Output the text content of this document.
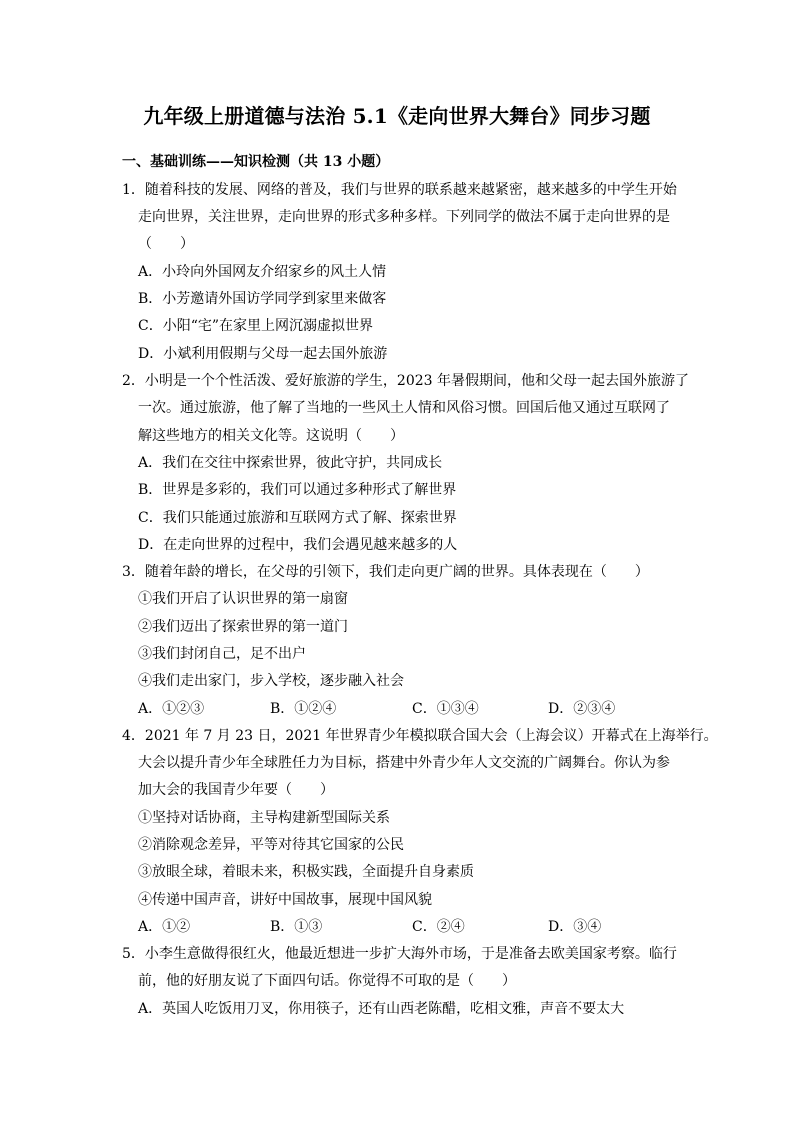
九年级上册道德与法治 5.1《走向世界大舞台》同步习题
一、基础训练——知识检测（共 13 小题）
1．随着科技的发展、网络的普及，我们与世界的联系越来越紧密，越来越多的中学生开始
走向世界，关注世界，走向世界的形式多种多样。下列同学的做法不属于走向世界的是
（　　）
A．小玲向外国网友介绍家乡的风土人情
B．小芳邀请外国访学同学到家里来做客
C．小阳“宅”在家里上网沉溺虚拟世界
D．小斌利用假期与父母一起去国外旅游
2．小明是一个个性活泼、爱好旅游的学生，2023 年暑假期间，他和父母一起去国外旅游了
一次。通过旅游，他了解了当地的一些风土人情和风俗习惯。回国后他又通过互联网了
解这些地方的相关文化等。这说明（　　）
A．我们在交往中探索世界，彼此守护，共同成长
B．世界是多彩的，我们可以通过多种形式了解世界
C．我们只能通过旅游和互联网方式了解、探索世界
D．在走向世界的过程中，我们会遇见越来越多的人
3．随着年龄的增长，在父母的引领下，我们走向更广阔的世界。具体表现在（　　）
①我们开启了认识世界的第一扇窗
②我们迈出了探索世界的第一道门
③我们封闭自己，足不出户
④我们走出家门，步入学校，逐步融入社会
A．①②③	B．①②④	C．①③④	D．②③④
4．2021 年 7 月 23 日，2021 年世界青少年模拟联合国大会（上海会议）开幕式在上海举行。
大会以提升青少年全球胜任力为目标，搭建中外青少年人文交流的广阔舞台。你认为参
加大会的我国青少年要（　　）
①坚持对话协商，主导构建新型国际关系
②消除观念差异，平等对待其它国家的公民
③放眼全球，着眼未来，积极实践，全面提升自身素质
④传递中国声音，讲好中国故事，展现中国风貌
A．①②	B．①③	C．②④	D．③④
5．小李生意做得很红火，他最近想进一步扩大海外市场，于是准备去欧美国家考察。临行
前，他的好朋友说了下面四句话。你觉得不可取的是（　　）
A．英国人吃饭用刀叉，你用筷子，还有山西老陈醋，吃相文雅，声音不要太大
